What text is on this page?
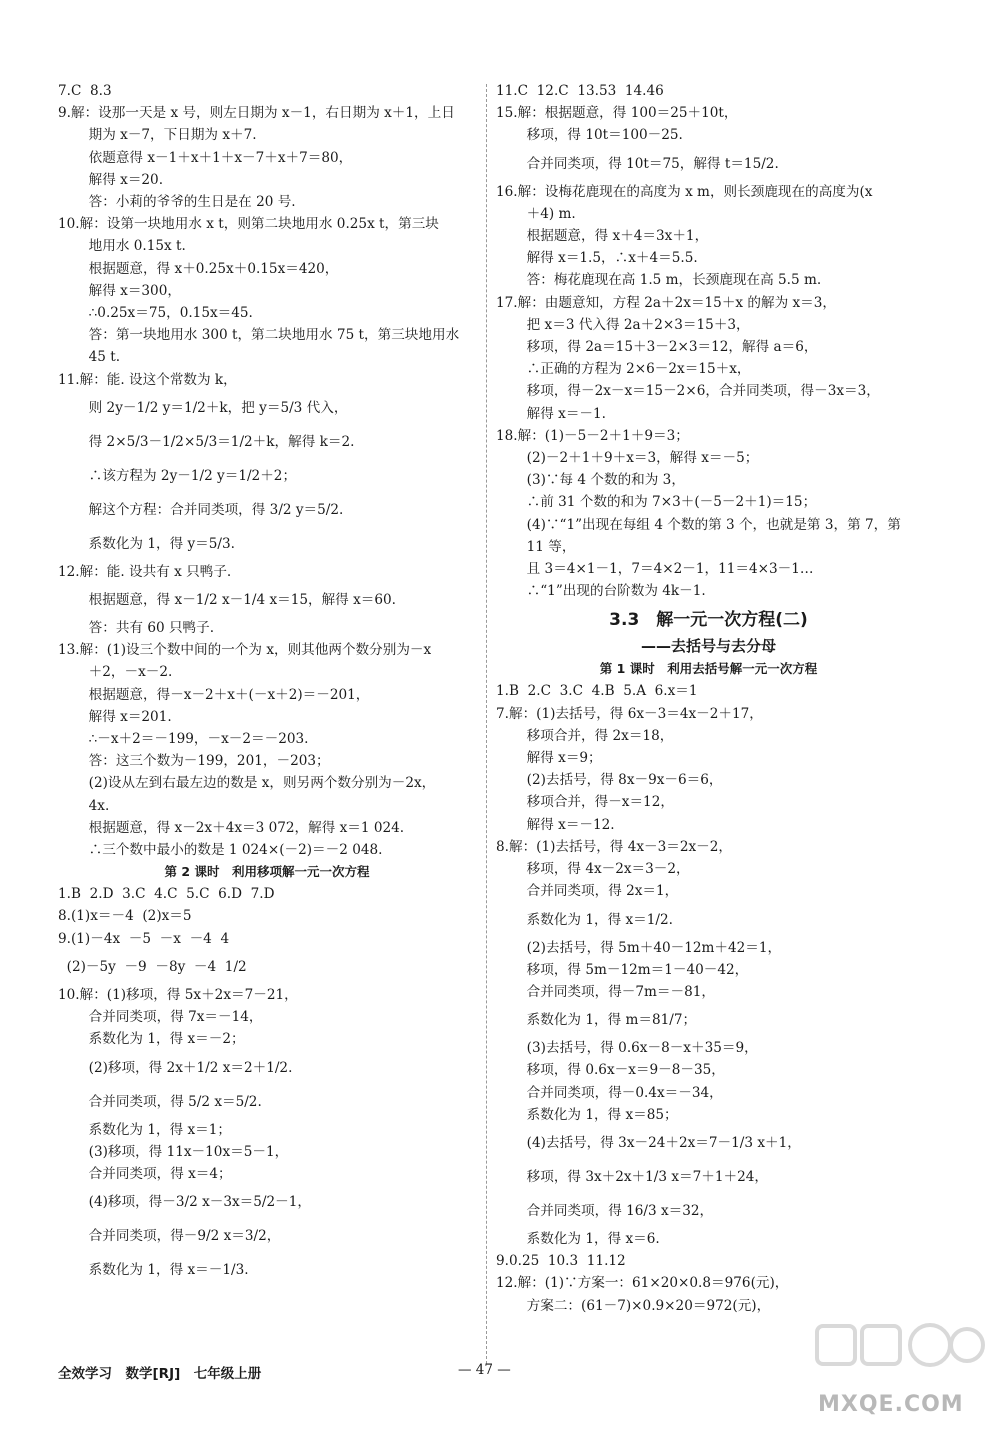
7.C  8.3
9.解：设那一天是 x 号，则左日期为 x－1，右日期为 x＋1，上日
期为 x－7，下日期为 x＋7.
依题意得 x－1＋x＋1＋x－7＋x＋7＝80，
解得 x＝20.
答：小莉的爷爷的生日是在 20 号.
10.解：设第一块地用水 x t，则第二块地用水 0.25x t，第三块
地用水 0.15x t.
根据题意，得 x＋0.25x＋0.15x＝420，
解得 x＝300，
∴0.25x＝75，0.15x＝45.
答：第一块地用水 300 t，第二块地用水 75 t，第三块地用水
45 t.
11.解：能. 设这个常数为 k，
则 2y－1/2 y＝1/2＋k，把 y＝5/3 代入，
得 2×5/3－1/2×5/3＝1/2＋k，解得 k＝2.
∴该方程为 2y－1/2 y＝1/2＋2；
解这个方程：合并同类项，得 3/2 y＝5/2.
系数化为 1，得 y＝5/3.
12.解：能. 设共有 x 只鸭子.
根据题意，得 x－1/2 x－1/4 x＝15，解得 x＝60.
答：共有 60 只鸭子.
13.解：(1)设三个数中间的一个为 x，则其他两个数分别为－x
＋2，－x－2.
根据题意，得－x－2＋x＋(－x＋2)＝－201，
解得 x＝201.
∴－x＋2＝－199，－x－2＝－203.
答：这三个数为－199，201，－203；
(2)设从左到右最左边的数是 x，则另两个数分别为－2x，
4x.
根据题意，得 x－2x＋4x＝3 072，解得 x＝1 024.
∴三个数中最小的数是 1 024×(－2)＝－2 048.
第 2 课时　利用移项解一元一次方程
1.B  2.D  3.C  4.C  5.C  6.D  7.D
8.(1)x＝－4  (2)x＝5
9.(1)－4x  －5  －x  －4  4
(2)－5y  －9  －8y  －4  1/2
10.解：(1)移项，得 5x＋2x＝7－21，
合并同类项，得 7x＝－14，
系数化为 1，得 x＝－2；
(2)移项，得 2x＋1/2 x＝2＋1/2.
合并同类项，得 5/2 x＝5/2.
系数化为 1，得 x＝1；
(3)移项，得 11x－10x＝5－1，
合并同类项，得 x＝4；
(4)移项，得－3/2 x－3x＝5/2－1，
合并同类项，得－9/2 x＝3/2，
系数化为 1，得 x＝－1/3.
11.C  12.C  13.53  14.46
15.解：根据题意，得 100＝25＋10t，
移项，得 10t＝100－25.
合并同类项，得 10t＝75，解得 t＝15/2.
16.解：设梅花鹿现在的高度为 x m，则长颈鹿现在的高度为(x
＋4) m.
根据题意，得 x＋4＝3x＋1，
解得 x＝1.5，∴x＋4＝5.5.
答：梅花鹿现在高 1.5 m，长颈鹿现在高 5.5 m.
17.解：由题意知，方程 2a＋2x＝15＋x 的解为 x＝3，
把 x＝3 代入得 2a＋2×3＝15＋3，
移项，得 2a＝15＋3－2×3＝12，解得 a＝6，
∴正确的方程为 2×6－2x＝15＋x，
移项，得－2x－x＝15－2×6，合并同类项，得－3x＝3，
解得 x＝－1.
18.解：(1)－5－2＋1＋9＝3；
(2)－2＋1＋9＋x＝3，解得 x＝－5；
(3)∵每 4 个数的和为 3，
∴前 31 个数的和为 7×3＋(－5－2＋1)＝15；
(4)∵“1”出现在每组 4 个数的第 3 个，也就是第 3，第 7，第
11 等，
且 3＝4×1－1，7＝4×2－1，11＝4×3－1…
∴“1”出现的台阶数为 4k－1.
3.3　解一元一次方程(二)
——去括号与去分母
第 1 课时　利用去括号解一元一次方程
1.B  2.C  3.C  4.B  5.A  6.x＝1
7.解：(1)去括号，得 6x－3＝4x－2＋17，
移项合并，得 2x＝18，
解得 x＝9；
(2)去括号，得 8x－9x－6＝6，
移项合并，得－x＝12，
解得 x＝－12.
8.解：(1)去括号，得 4x－3＝2x－2，
移项，得 4x－2x＝3－2，
合并同类项，得 2x＝1，
系数化为 1，得 x＝1/2.
(2)去括号，得 5m＋40－12m＋42＝1，
移项，得 5m－12m＝1－40－42，
合并同类项，得－7m＝－81，
系数化为 1，得 m＝81/7；
(3)去括号，得 0.6x－8－x＋35＝9，
移项，得 0.6x－x＝9－8－35，
合并同类项，得－0.4x＝－34，
系数化为 1，得 x＝85；
(4)去括号，得 3x－24＋2x＝7－1/3 x＋1，
移项，得 3x＋2x＋1/3 x＝7＋1＋24，
合并同类项，得 16/3 x＝32，
系数化为 1，得 x＝6.
9.0.25  10.3  11.12
12.解：(1)∵方案一：61×20×0.8＝976(元)，
方案二：(61－7)×0.9×20＝972(元)，
全效学习　数学[RJ]　七年级上册	— 47 —
MXQE.COM
